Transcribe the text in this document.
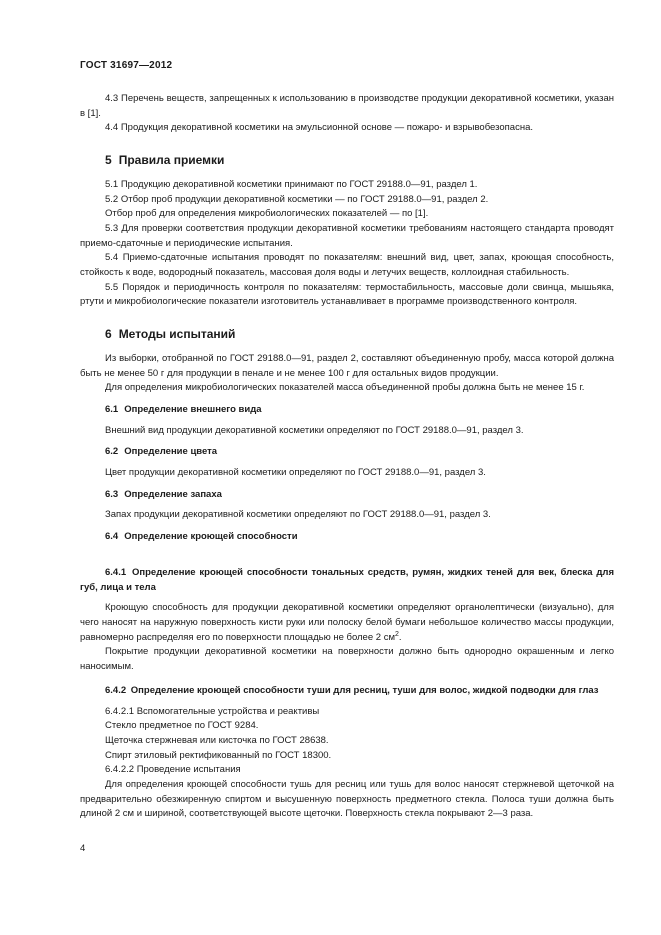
ГОСТ 31697—2012

4.3 Перечень веществ, запрещенных к использованию в производстве продукции декоративной косметики, указан в [1].

4.4 Продукция декоративной косметики на эмульсионной основе — пожаро- и взрывобезопасна.

5 Правила приемки

5.1 Продукцию декоративной косметики принимают по ГОСТ 29188.0—91, раздел 1.

5.2 Отбор проб продукции декоративной косметики — по ГОСТ 29188.0—91, раздел 2.

Отбор проб для определения микробиологических показателей — по [1].

5.3 Для проверки соответствия продукции декоративной косметики требованиям настоящего стандарта проводят приемо-сдаточные и периодические испытания.

5.4 Приемо-сдаточные испытания проводят по показателям: внешний вид, цвет, запах, кроющая способность, стойкость к воде, водородный показатель, массовая доля воды и летучих веществ, коллоидная стабильность.

5.5 Порядок и периодичность контроля по показателям: термостабильность, массовые доли свинца, мышьяка, ртути и микробиологические показатели изготовитель устанавливает в программе производственного контроля.

6 Методы испытаний

Из выборки, отобранной по ГОСТ 29188.0—91, раздел 2, составляют объединенную пробу, масса которой должна быть не менее 50 г для продукции в пенале и не менее 100 г для остальных видов продукции.

Для определения микробиологических показателей масса объединенной пробы должна быть не менее 15 г.

6.1 Определение внешнего вида

Внешний вид продукции декоративной косметики определяют по ГОСТ 29188.0—91, раздел 3.

6.2 Определение цвета

Цвет продукции декоративной косметики определяют по ГОСТ 29188.0—91, раздел 3.

6.3 Определение запаха

Запах продукции декоративной косметики определяют по ГОСТ 29188.0—91, раздел 3.

6.4 Определение кроющей способности
6.4.1 Определение кроющей способности тональных средств, румян, жидких теней для век, блеска для губ, лица и тела

Кроющую способность для продукции декоративной косметики определяют органолептически (визуально), для чего наносят на наружную поверхность кисти руки или полоску белой бумаги небольшое количество массы продукции, равномерно распределяя его по поверхности площадью не более 2 $см^2$.

Покрытие продукции декоративной косметики на поверхности должно быть однородно окрашенным и легко наносимым.

6.4.2 Определение кроющей способности туши для ресниц, туши для волос, жидкой подводки для глаз

6.4.2.1 Вспомогательные устройства и реактивы

Стекло предметное по ГОСТ 9284.

Щеточка стержневая или кисточка по ГОСТ 28638.

Спирт этиловый ректификованный по ГОСТ 18300.

6.4.2.2 Проведение испытания

Для определения кроющей способности тушь для ресниц или тушь для волос наносят стержневой щеточкой на предварительно обезжиренную спиртом и высушенную поверхность предметного стекла. Полоса туши должна быть длиной 2 см и шириной, соответствующей высоте щеточки. Поверхность стекла покрывают 2—3 раза.

4
